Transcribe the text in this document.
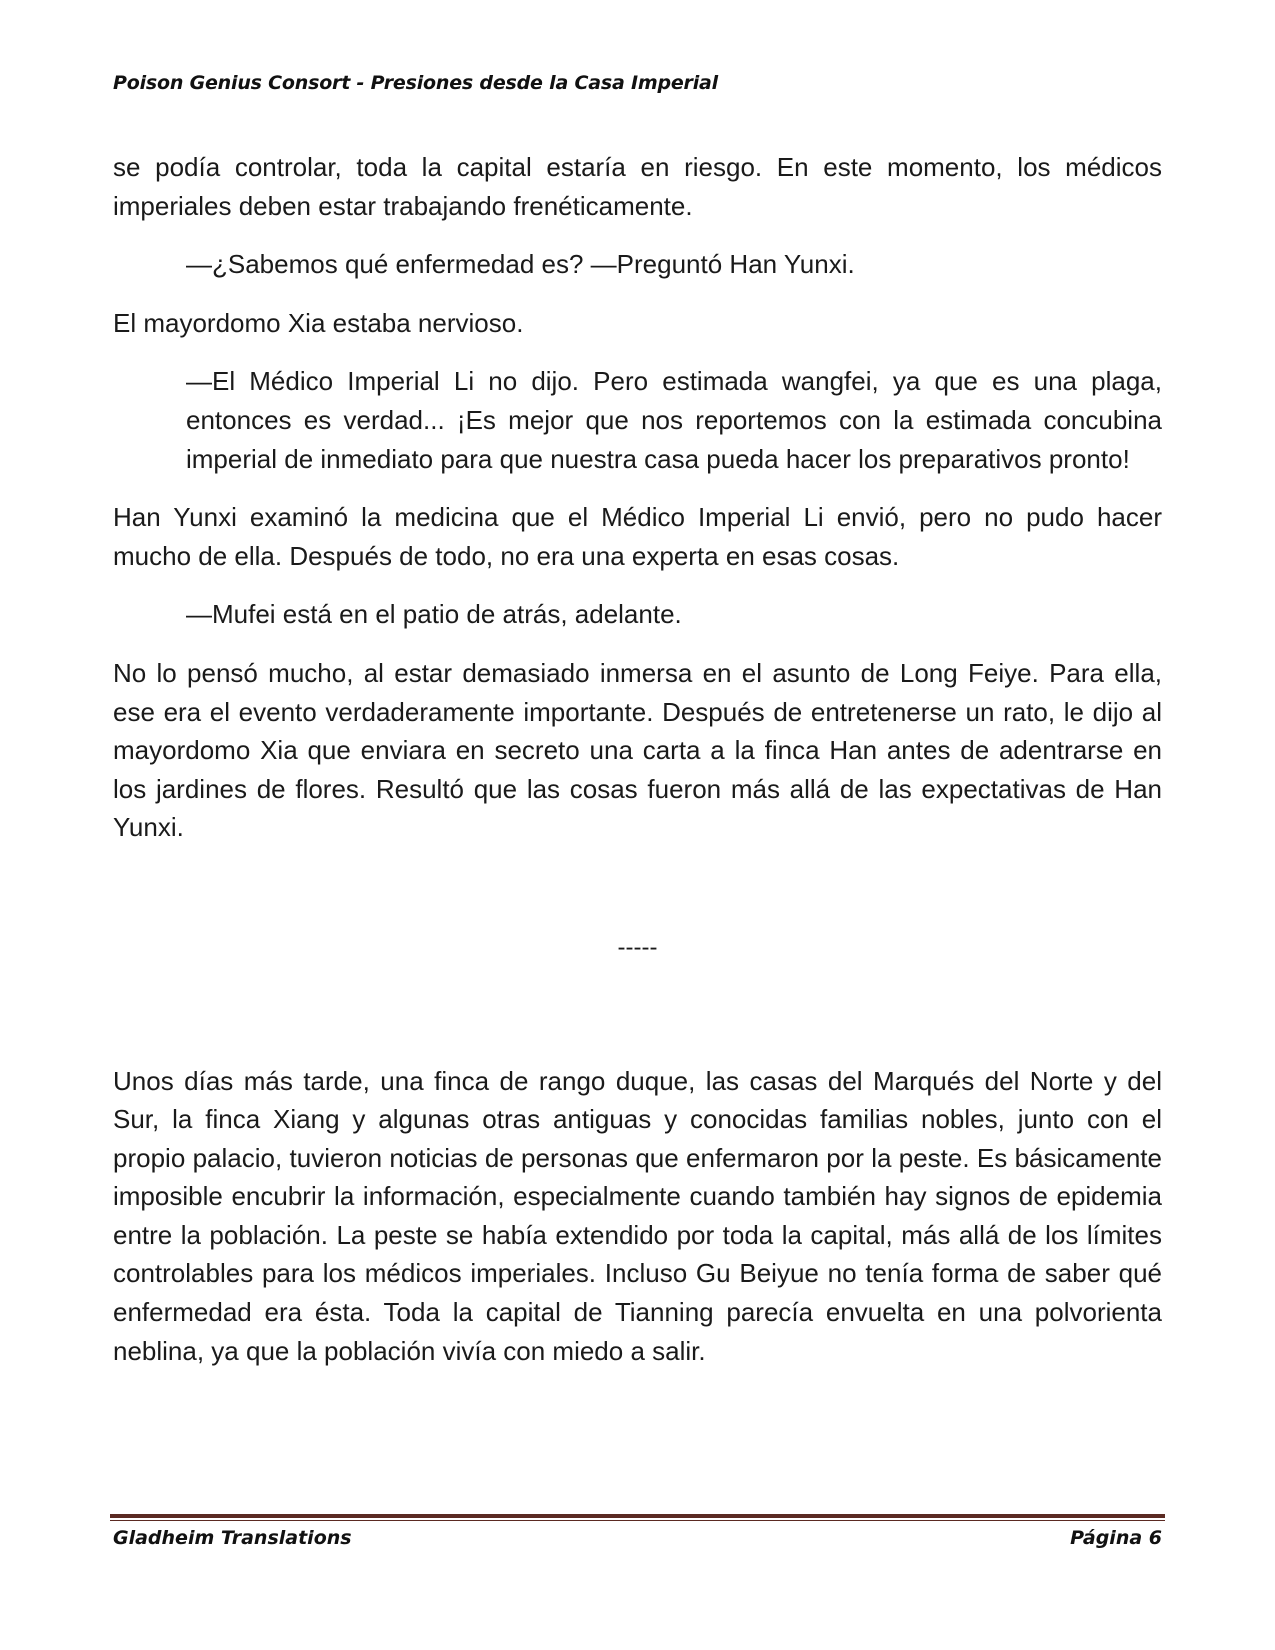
Poison Genius Consort - Presiones desde la Casa Imperial

se podía controlar, toda la capital estaría en riesgo. En este momento, los médicos imperiales deben estar trabajando frenéticamente.

—¿Sabemos qué enfermedad es? —Preguntó Han Yunxi.

El mayordomo Xia estaba nervioso.

—El Médico Imperial Li no dijo. Pero estimada wangfei, ya que es una plaga, entonces es verdad... ¡Es mejor que nos reportemos con la estimada concubina imperial de inmediato para que nuestra casa pueda hacer los preparativos pronto!

Han Yunxi examinó la medicina que el Médico Imperial Li envió, pero no pudo hacer mucho de ella. Después de todo, no era una experta en esas cosas.

—Mufei está en el patio de atrás, adelante.

No lo pensó mucho, al estar demasiado inmersa en el asunto de Long Feiye. Para ella, ese era el evento verdaderamente importante. Después de entretenerse un rato, le dijo al mayordomo Xia que enviara en secreto una carta a la finca Han antes de adentrarse en los jardines de flores. Resultó que las cosas fueron más allá de las expectativas de Han Yunxi.

-----

Unos días más tarde, una finca de rango duque, las casas del Marqués del Norte y del Sur, la finca Xiang y algunas otras antiguas y conocidas familias nobles, junto con el propio palacio, tuvieron noticias de personas que enfermaron por la peste. Es básicamente imposible encubrir la información, especialmente cuando también hay signos de epidemia entre la población. La peste se había extendido por toda la capital, más allá de los límites controlables para los médicos imperiales. Incluso Gu Beiyue no tenía forma de saber qué enfermedad era ésta. Toda la capital de Tianning parecía envuelta en una polvorienta neblina, ya que la población vivía con miedo a salir.

Gladheim Translations	Página 6
